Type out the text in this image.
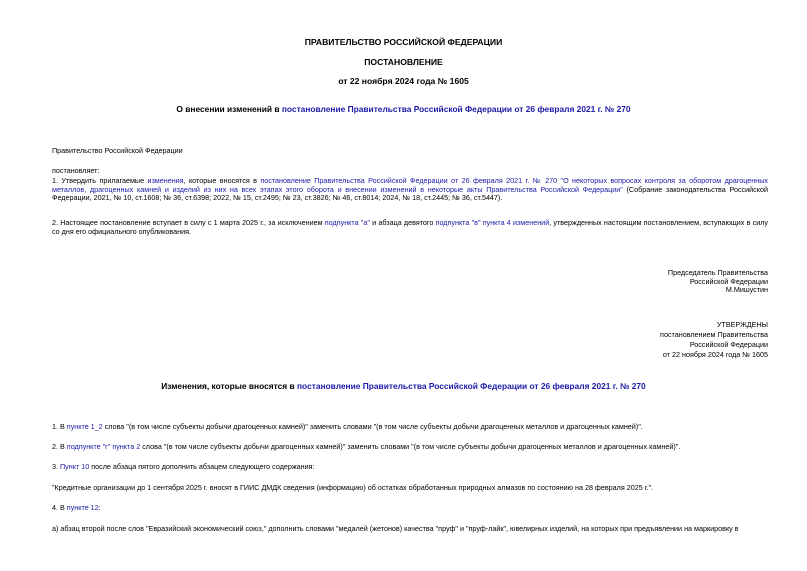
ПРАВИТЕЛЬСТВО РОССИЙСКОЙ ФЕДЕРАЦИИ
ПОСТАНОВЛЕНИЕ
от 22 ноября 2024 года № 1605
О внесении изменений в постановление Правительства Российской Федерации от 26 февраля 2021 г. № 270
Правительство Российской Федерации
постановляет:
1. Утвердить прилагаемые изменения, которые вносятся в постановление Правительства Российской Федерации от 26 февраля 2021 г. № 270 "О некоторых вопросах контроля за оборотом драгоценных металлов, драгоценных камней и изделий из них на всех этапах этого оборота и внесении изменений в некоторые акты Правительства Российской Федерации" (Собрание законодательства Российской Федерации, 2021, № 10, ст.1608; № 36, ст.6398; 2022, № 15, ст.2495; № 23, ст.3826; № 46, ст.8014; 2024, № 18, ст.2445; № 36, ст.5447).
2. Настоящее постановление вступает в силу с 1 марта 2025 г., за исключением подпункта "а" и абзаца девятого подпункта "в" пункта 4 изменений, утвержденных настоящим постановлением, вступающих в силу со дня его официального опубликования.
Председатель Правительства
Российской Федерации
М.Мишустин
УТВЕРЖДЕНЫ
постановлением Правительства
Российской Федерации
от 22 ноября 2024 года № 1605
Изменения, которые вносятся в постановление Правительства Российской Федерации от 26 февраля 2021 г. № 270
1. В пункте 1_2 слова "(в том числе субъекты добычи драгоценных камней)" заменить словами "(в том числе субъекты добычи драгоценных металлов и драгоценных камней)".
2. В подпункте "г" пункта 2 слова "(в том числе субъекты добычи драгоценных камней)" заменить словами "(в том числе субъекты добычи драгоценных металлов и драгоценных камней)".
3. Пункт 10 после абзаца пятого дополнить абзацем следующего содержания:
"Кредитные организации до 1 сентября 2025 г. вносят в ГИИС ДМДК сведения (информацию) об остатках обработанных природных алмазов по состоянию на 28 февраля 2025 г.".
4. В пункте 12:
а) абзац второй после слов "Евразийский экономический союз," дополнить словами "медалей (жетонов) качества "пруф" и "пруф-лайк", ювелирных изделий, на которых при предъявлении на маркировку в
